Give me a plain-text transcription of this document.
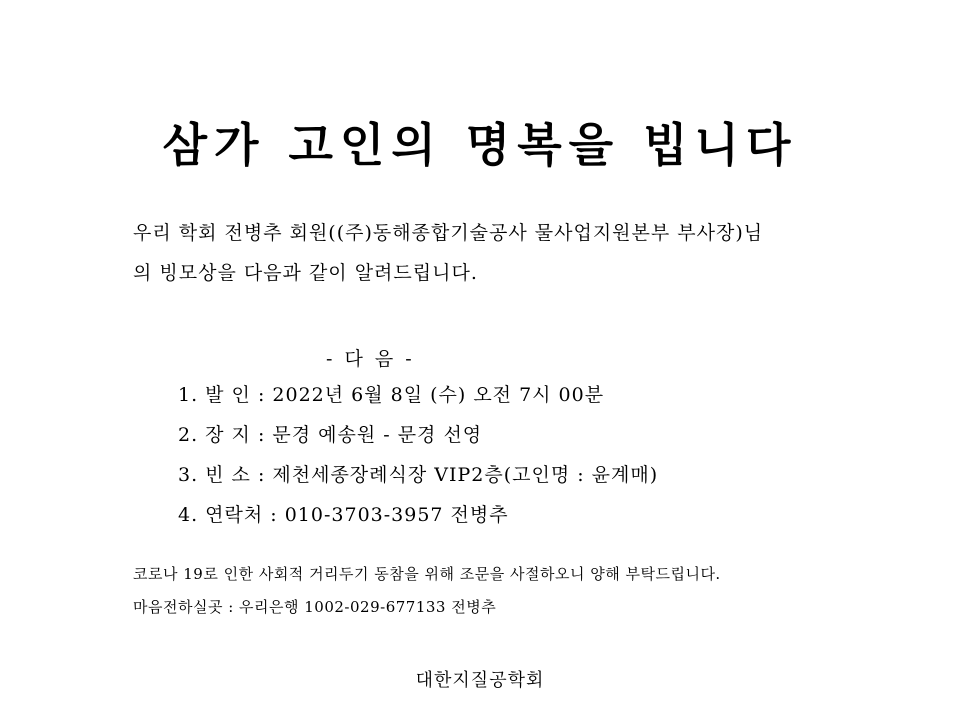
삼가 고인의 명복을 빕니다
우리 학회 전병추 회원((주)동해종합기술공사 물사업지원본부 부사장)님
의 빙모상을 다음과 같이 알려드립니다.
- 다 음 -
1. 발 인 : 2022년 6월 8일 (수) 오전 7시 00분
2. 장 지 : 문경 예송원 - 문경 선영
3. 빈 소 : 제천세종장례식장 VIP2층(고인명 : 윤계매)
4. 연락처 : 010-3703-3957 전병추
코로나 19로 인한 사회적 거리두기 동참을 위해 조문을 사절하오니 양해 부탁드립니다.
마음전하실곳 : 우리은행 1002-029-677133 전병추
대한지질공학회
